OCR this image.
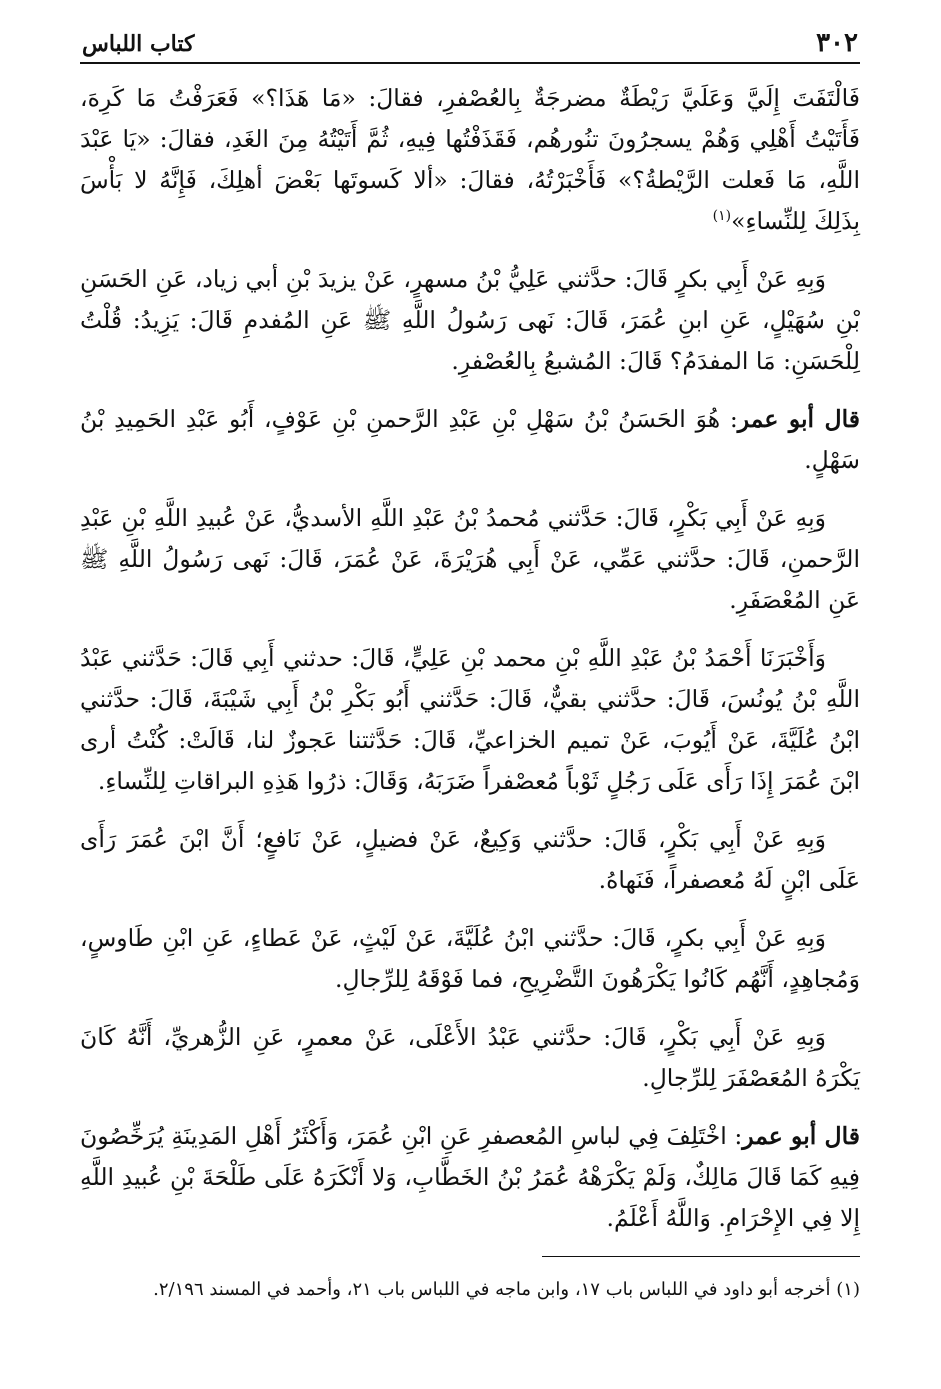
٣٠٢
كتاب اللباس

فَالْتَفَتَ إِلَيَّ وَعَلَيَّ رَيْطَةٌ مضرجَةٌ بِالعُصْفرِ، فقالَ: «مَا هَذَا؟» فَعَرَفْتُ مَا كَرِهَ، فَأَتَيْتُ أَهْلِي وَهُمْ يسجرُونَ تنُورهُم، فَقَذَفْتُها فِيهِ، ثُمَّ أَتَيْتُهُ مِنَ الغَدِ، فقالَ: «يَا عَبْدَ اللَّهِ، مَا فَعلت الرَّيْطةُ؟» فَأَخْبَرْتُهُ، فقالَ: «ألا كَسوتَها بَعْضَ أهلِكَ، فَإِنَّهُ لا بَأْسَ بِذَلِكَ لِلنِّساءِ»$^{(١)}$

وَبِهِ عَنْ أَبِي بكرٍ قَالَ: حدَّثني عَلِيُّ بْنُ مسهرٍ، عَنْ يزيدَ بْنِ أبي زياد، عَنِ الحَسَنِ بْنِ سُهَيْلٍ، عَنِ ابنِ عُمَرَ، قَالَ: نَهى رَسُولُ اللَّهِ ﷺ عَنِ المُفدمِ قَالَ: يَزِيدُ: قُلْتُ لِلْحَسَنِ: مَا المفدَمُ؟ قَالَ: المُشبعُ بِالعُصْفرِ.

قال أبو عمر: هُوَ الحَسَنُ بْنُ سَهْلِ بْنِ عَبْدِ الرَّحمنِ بْنِ عَوْفٍ، أَبُو عَبْدِ الحَمِيدِ بْنُ سَهْلٍ.

وَبِهِ عَنْ أَبِي بَكْرٍ، قَالَ: حَدَّثني مُحمدُ بْنُ عَبْدِ اللَّهِ الأسديُّ، عَنْ عُبيدِ اللَّهِ بْنِ عَبْدِ الرَّحمنِ، قَالَ: حدَّثني عَمِّي، عَنْ أَبِي هُرَيْرَةَ، عَنْ عُمَرَ، قَالَ: نَهى رَسُولُ اللَّهِ ﷺ عَنِ المُعْصَفَرِ.

وَأَخْبَرَنَا أَحْمَدُ بْنُ عَبْدِ اللَّهِ بْنِ محمد بْنِ عَلِيٍّ، قَالَ: حدثني أَبِي قَالَ: حَدَّثني عَبْدُ اللَّهِ بْنُ يُونُسَ، قَالَ: حدَّثني بقيٌّ، قَالَ: حَدَّثني أَبُو بَكْرِ بْنُ أَبِي شَيْبَةَ، قَالَ: حدَّثني ابْنُ عُلَيَّةَ، عَنْ أَيُوبَ، عَنْ تميم الخزاعيِّ، قَالَ: حَدَّثتنا عَجوزٌ لنا، قَالَتْ: كُنْتُ أرى ابْنَ عُمَرَ إِذَا رَأَى عَلَى رَجُلٍ ثَوْباً مُعصْفراً ضَرَبَهُ، وَقَالَ: ذرُوا هَذِهِ البراقاتِ لِلنِّساءِ.

وَبِهِ عَنْ أَبِي بَكْرٍ، قَالَ: حدَّثني وَكِيعٌ، عَنْ فضيلٍ، عَنْ نَافعٍ؛ أَنَّ ابْنَ عُمَرَ رَأَى عَلَى ابْنٍ لَهُ مُعصفراً، فَنَهاهُ.

وَبِهِ عَنْ أَبِي بكرٍ، قَالَ: حدَّثني ابْنُ عُلَيَّةَ، عَنْ لَيْثٍ، عَنْ عَطاءٍ، عَنِ ابْنِ طَاوسٍ، وَمُجاهِدٍ، أَنَّهُم كَانُوا يَكْرَهُونَ التَّضْرِيحِ، فما فَوْقَهُ لِلرِّجالِ.

وَبِهِ عَنْ أَبِي بَكْرٍ، قَالَ: حدَّثني عَبْدُ الأَعْلَى، عَنْ معمرٍ، عَنِ الزُّهريِّ، أَنَّهُ كَانَ يَكْرَهُ المُعَصْفَرَ لِلرِّجالِ.

قال أبو عمر: اخْتَلِفَ فِي لباسِ المُعصفرِ عَنِ ابْنِ عُمَرَ، وَأَكْثَرُ أَهْلِ المَدِينَةِ يُرَخِّصُونَ فِيهِ كَمَا قَالَ مَالِكٌ، وَلَمْ يَكْرَهْهُ عُمَرُ بْنُ الخَطَّابِ، وَلا أَنْكَرَهُ عَلَى طَلْحَةَ بْنِ عُبيدِ اللَّهِ إِلا فِي الإِحْرَامِ. وَاللَّهُ أَعْلَمُ.

(١) أخرجه أبو داود في اللباس باب ١٧، وابن ماجه في اللباس باب ٢١، وأحمد في المسند ٢/١٩٦.
